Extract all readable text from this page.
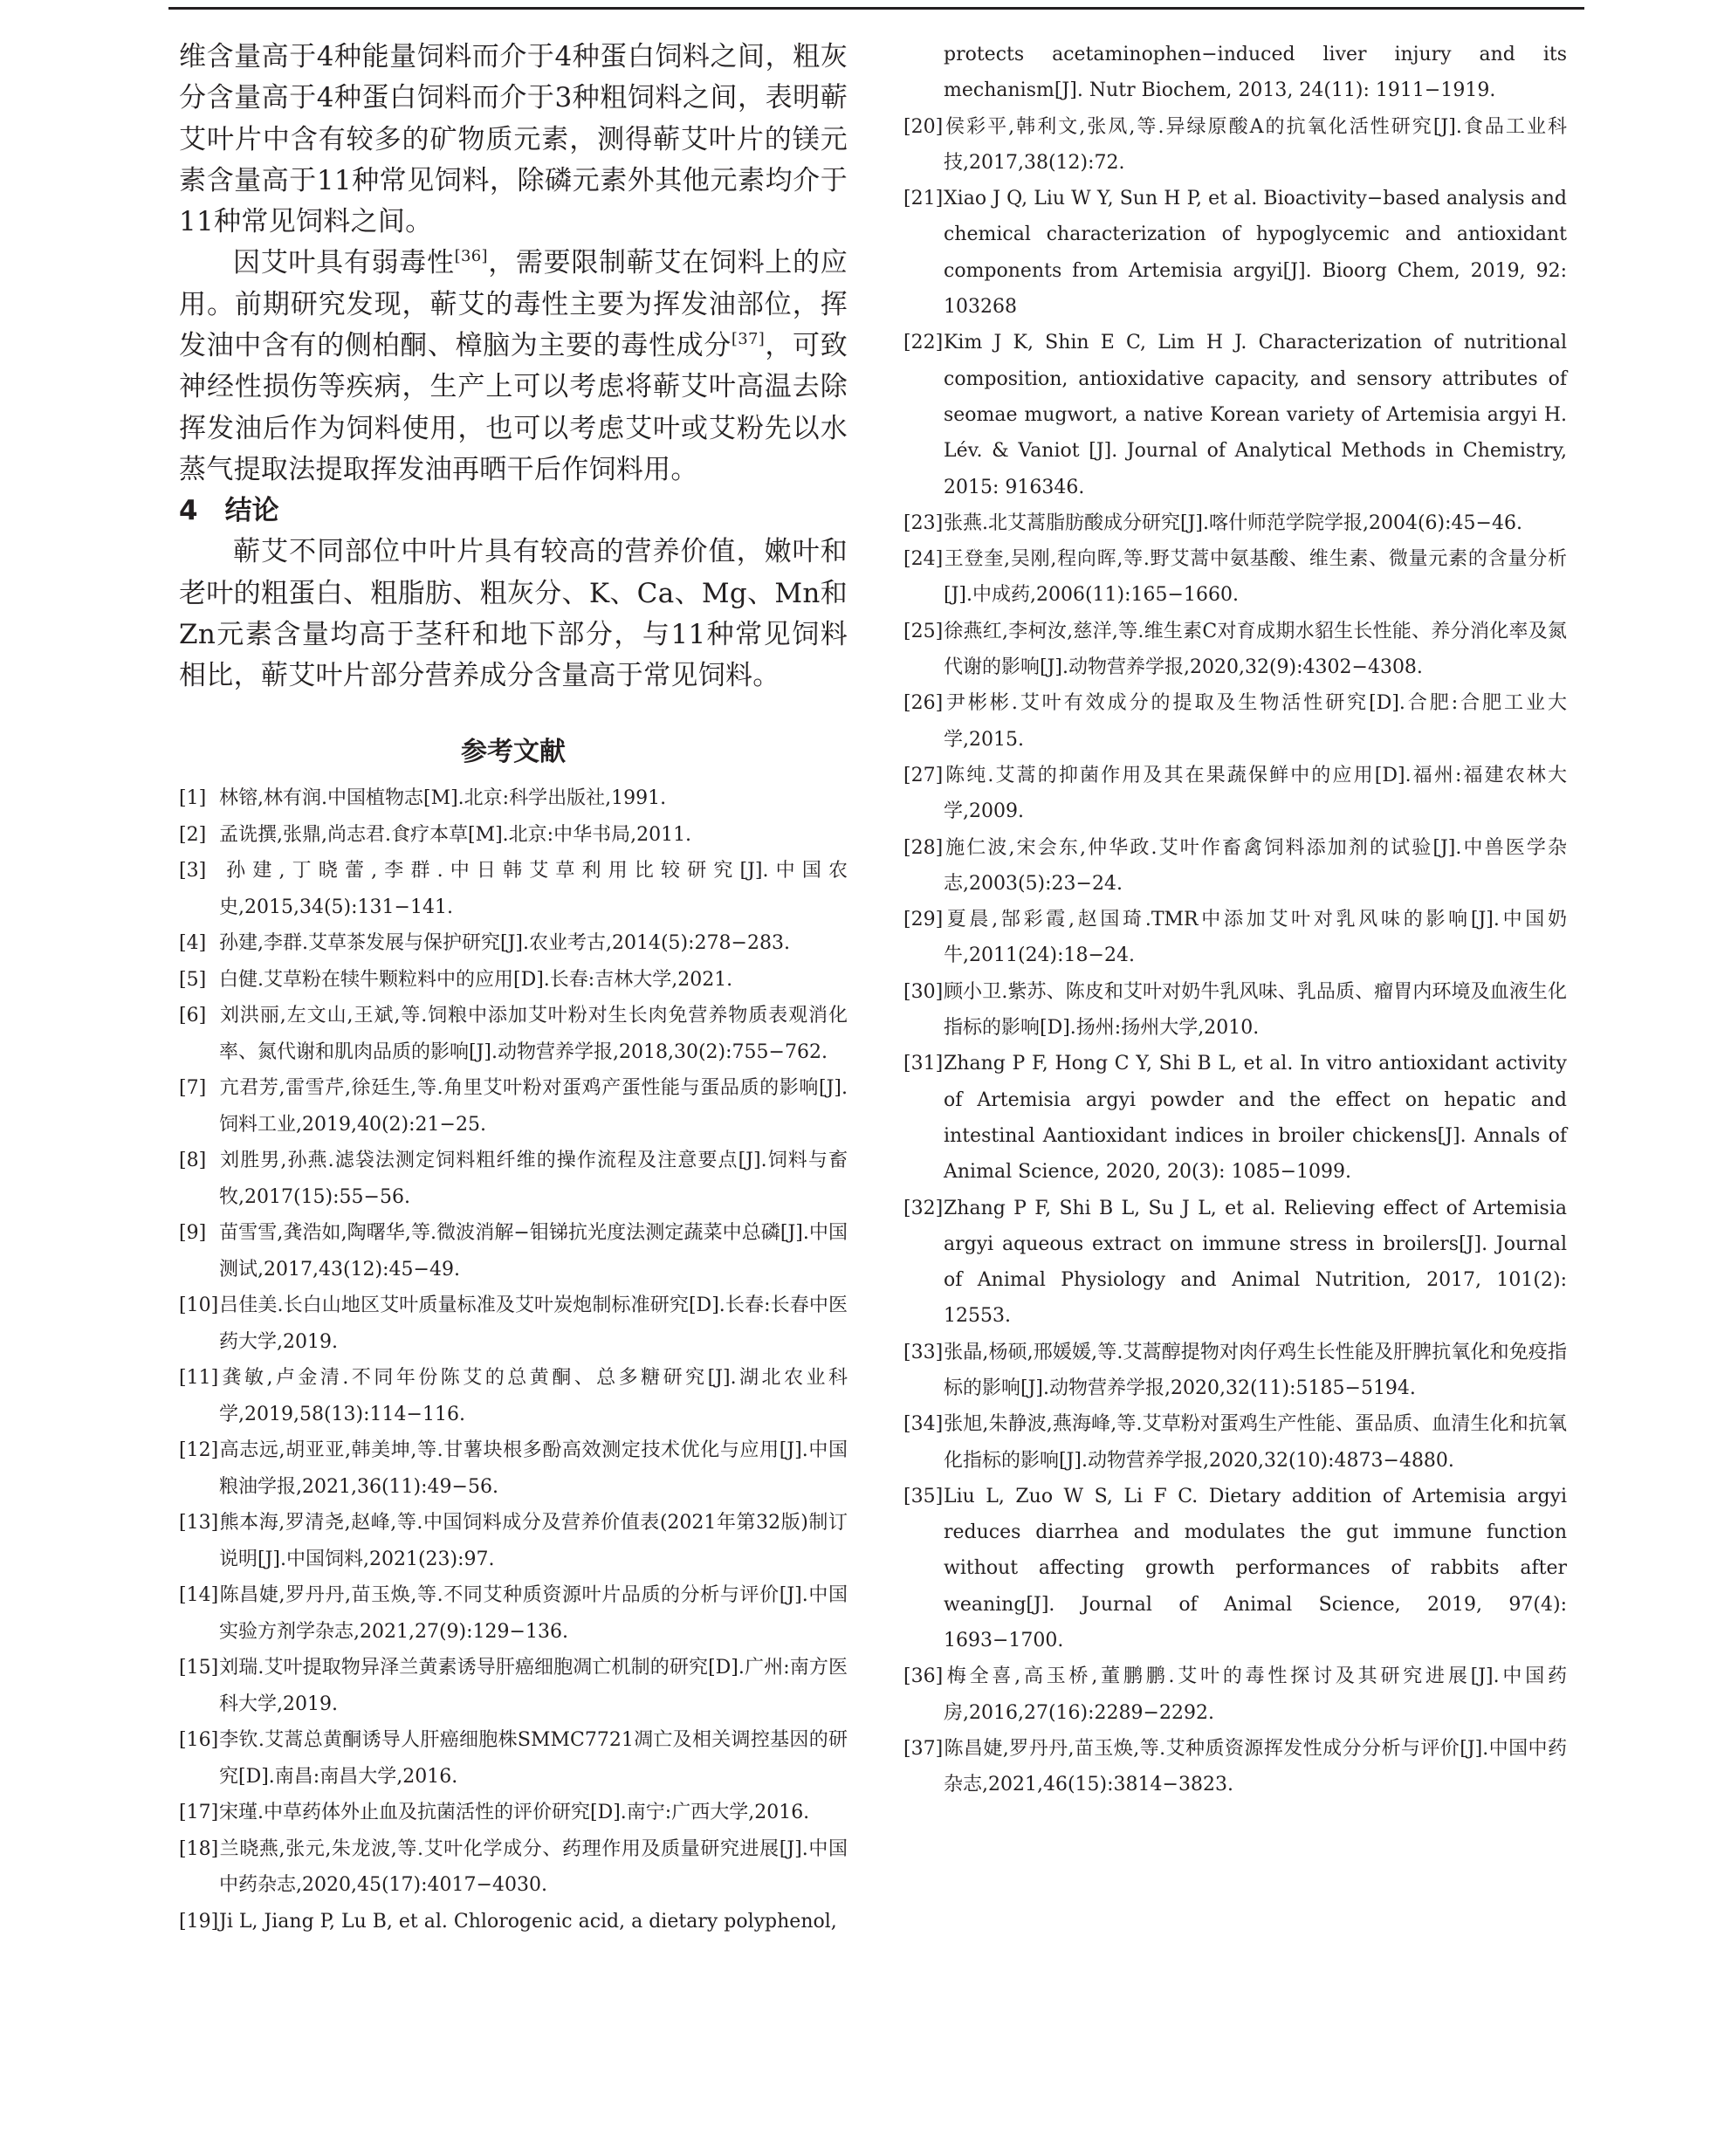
维含量高于4种能量饲料而介于4种蛋白饲料之间，粗灰分含量高于4种蛋白饲料而介于3种粗饲料之间，表明蕲艾叶片中含有较多的矿物质元素，测得蕲艾叶片的镁元素含量高于11种常见饲料，除磷元素外其他元素均介于11种常见饲料之间。

因艾叶具有弱毒性[36]，需要限制蕲艾在饲料上的应用。前期研究发现，蕲艾的毒性主要为挥发油部位，挥发油中含有的侧柏酮、樟脑为主要的毒性成分[37]，可致神经性损伤等疾病，生产上可以考虑将蕲艾叶高温去除挥发油后作为饲料使用，也可以考虑艾叶或艾粉先以水蒸气提取法提取挥发油再晒干后作饲料用。

4　结论

蕲艾不同部位中叶片具有较高的营养价值，嫩叶和老叶的粗蛋白、粗脂肪、粗灰分、K、Ca、Mg、Mn和Zn元素含量均高于茎秆和地下部分，与11种常见饲料相比，蕲艾叶片部分营养成分含量高于常见饲料。

参考文献
[1] 林镕,林有润.中国植物志[M].北京:科学出版社,1991.
[2] 孟诜撰,张鼎,尚志君.食疗本草[M].北京:中华书局,2011.
[3] 孙建,丁晓蕾,李群.中日韩艾草利用比较研究[J].中国农史,2015,34(5):131−141.
[4] 孙建,李群.艾草茶发展与保护研究[J].农业考古,2014(5):278−283.
[5] 白健.艾草粉在犊牛颗粒料中的应用[D].长春:吉林大学,2021.
[6] 刘洪丽,左文山,王斌,等.饲粮中添加艾叶粉对生长肉免营养物质表观消化率、氮代谢和肌肉品质的影响[J].动物营养学报,2018,30(2):755−762.
[7] 亢君芳,雷雪芹,徐廷生,等.角里艾叶粉对蛋鸡产蛋性能与蛋品质的影响[J].饲料工业,2019,40(2):21−25.
[8] 刘胜男,孙燕.滤袋法测定饲料粗纤维的操作流程及注意要点[J].饲料与畜牧,2017(15):55−56.
[9] 苗雪雪,龚浩如,陶曙华,等.微波消解−钼锑抗光度法测定蔬菜中总磷[J].中国测试,2017,43(12):45−49.
[10]吕佳美.长白山地区艾叶质量标准及艾叶炭炮制标准研究[D].长春:长春中医药大学,2019.
[11]龚敏,卢金清.不同年份陈艾的总黄酮、总多糖研究[J].湖北农业科学,2019,58(13):114−116.
[12]高志远,胡亚亚,韩美坤,等.甘薯块根多酚高效测定技术优化与应用[J].中国粮油学报,2021,36(11):49−56.
[13]熊本海,罗清尧,赵峰,等.中国饲料成分及营养价值表(2021年第32版)制订说明[J].中国饲料,2021(23):97.
[14]陈昌婕,罗丹丹,苗玉焕,等.不同艾种质资源叶片品质的分析与评价[J].中国实验方剂学杂志,2021,27(9):129−136.
[15]刘瑞.艾叶提取物异泽兰黄素诱导肝癌细胞凋亡机制的研究[D].广州:南方医科大学,2019.
[16]李钦.艾蒿总黄酮诱导人肝癌细胞株SMMC7721凋亡及相关调控基因的研究[D].南昌:南昌大学,2016.
[17]宋瑾.中草药体外止血及抗菌活性的评价研究[D].南宁:广西大学,2016.
[18]兰晓燕,张元,朱龙波,等.艾叶化学成分、药理作用及质量研究进展[J].中国中药杂志,2020,45(17):4017−4030.
[19]Ji L, Jiang P, Lu B, et al. Chlorogenic acid, a dietary polyphenol,

protects acetaminophen−induced liver injury and its mechanism[J]. Nutr Biochem, 2013, 24(11): 1911−1919.

[20]侯彩平,韩利文,张凤,等.异绿原酸A的抗氧化活性研究[J].食品工业科技,2017,38(12):72.
[21]Xiao J Q, Liu W Y, Sun H P, et al. Bioactivity−based analysis and chemical characterization of hypoglycemic and antioxidant components from Artemisia argyi[J]. Bioorg Chem, 2019, 92: 103268
[22]Kim J K, Shin E C, Lim H J. Characterization of nutritional composition, antioxidative capacity, and sensory attributes of seomae mugwort, a native Korean variety of Artemisia argyi H. Lév. & Vaniot [J]. Journal of Analytical Methods in Chemistry, 2015: 916346.
[23]张燕.北艾蒿脂肪酸成分研究[J].喀什师范学院学报,2004(6):45−46.
[24]王登奎,吴刚,程向晖,等.野艾蒿中氨基酸、维生素、微量元素的含量分析[J].中成药,2006(11):165−1660.
[25]徐燕红,李柯汝,慈洋,等.维生素C对育成期水貂生长性能、养分消化率及氮代谢的影响[J].动物营养学报,2020,32(9):4302−4308.
[26]尹彬彬.艾叶有效成分的提取及生物活性研究[D].合肥:合肥工业大学,2015.
[27]陈纯.艾蒿的抑菌作用及其在果蔬保鲜中的应用[D].福州:福建农林大学,2009.
[28]施仁波,宋会东,仲华政.艾叶作畜禽饲料添加剂的试验[J].中兽医学杂志,2003(5):23−24.
[29]夏晨,郜彩霞,赵国琦.TMR中添加艾叶对乳风味的影响[J].中国奶牛,2011(24):18−24.
[30]顾小卫.紫苏、陈皮和艾叶对奶牛乳风味、乳品质、瘤胃内环境及血液生化指标的影响[D].扬州:扬州大学,2010.
[31]Zhang P F, Hong C Y, Shi B L, et al. In vitro antioxidant activity of Artemisia argyi powder and the effect on hepatic and intestinal Aantioxidant indices in broiler chickens[J]. Annals of Animal Science, 2020, 20(3): 1085−1099.
[32]Zhang P F, Shi B L, Su J L, et al. Relieving effect of Artemisia argyi aqueous extract on immune stress in broilers[J]. Journal of Animal Physiology and Animal Nutrition, 2017, 101(2): 12553.
[33]张晶,杨硕,邢媛媛,等.艾蒿醇提物对肉仔鸡生长性能及肝脾抗氧化和免疫指标的影响[J].动物营养学报,2020,32(11):5185−5194.
[34]张旭,朱静波,燕海峰,等.艾草粉对蛋鸡生产性能、蛋品质、血清生化和抗氧化指标的影响[J].动物营养学报,2020,32(10):4873−4880.
[35]Liu L, Zuo W S, Li F C. Dietary addition of Artemisia argyi reduces diarrhea and modulates the gut immune function without affecting growth performances of rabbits after weaning[J]. Journal of Animal Science, 2019, 97(4): 1693−1700.
[36]梅全喜,高玉桥,董鹏鹏.艾叶的毒性探讨及其研究进展[J].中国药房,2016,27(16):2289−2292.
[37]陈昌婕,罗丹丹,苗玉焕,等.艾种质资源挥发性成分分析与评价[J].中国中药杂志,2021,46(15):3814−3823.
